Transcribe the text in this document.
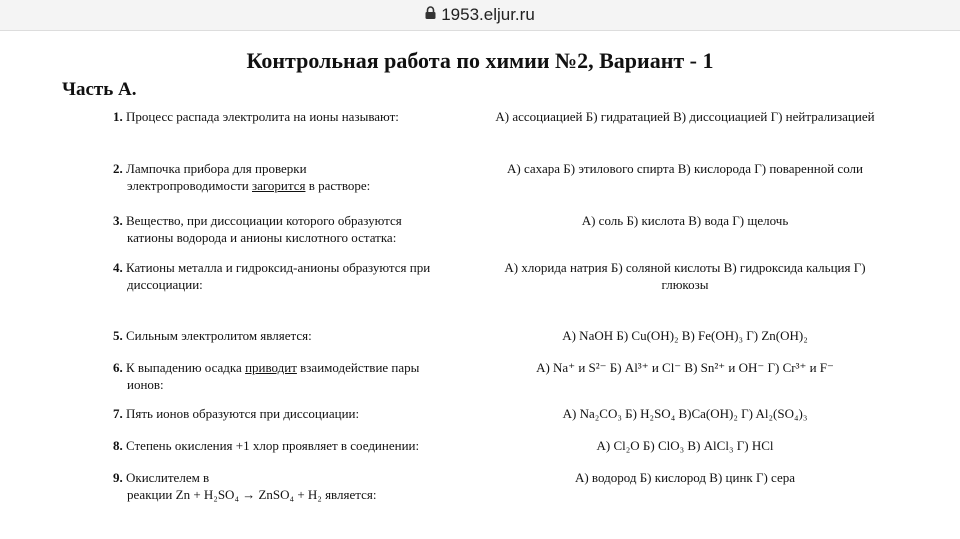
1953.eljur.ru
Контрольная работа по химии №2, Вариант - 1
Часть А.
1. Процесс распада электролита на ионы называют:	А) ассоциацией Б) гидратацией В) диссоциацией Г) нейтрализацией
2. Лампочка прибора для проверки
электропроводимости загорится в растворе:
А) сахара Б) этилового спирта В) кислорода Г) поваренной соли
3. Вещество, при диссоциации которого образуются
катионы водорода и анионы кислотного остатка:
А) соль Б) кислота В) вода Г) щелочь
4. Катионы металла и гидроксид-анионы образуются при
диссоциации:
А) хлорида натрия Б) соляной кислоты В) гидроксида кальция Г)
глюкозы
5. Сильным электролитом является:	А) NaOH Б) Cu(OH)₂ В) Fe(OH)₃ Г) Zn(OH)₂
6. К выпадению осадка приводит взаимодействие пары
ионов:
А) Na⁺ и S²⁻ Б) Al³⁺ и Cl⁻ В) Sn²⁺ и OH⁻ Г) Cr³⁺ и F⁻
7. Пять ионов образуются при диссоциации:	А) Na₂CO₃ Б) H₂SO₄ В)Ca(OH)₂ Г) Al₂(SO₄)₃
8. Степень окисления +1 хлор проявляет в соединении:	А) Cl₂O Б) ClO₃ В) AlCl₃ Г) HCl
9. Окислителем в
реакции Zn + H₂SO₄ → ZnSO₄ + H₂ является:
А) водород Б) кислород В) цинк Г) сера
